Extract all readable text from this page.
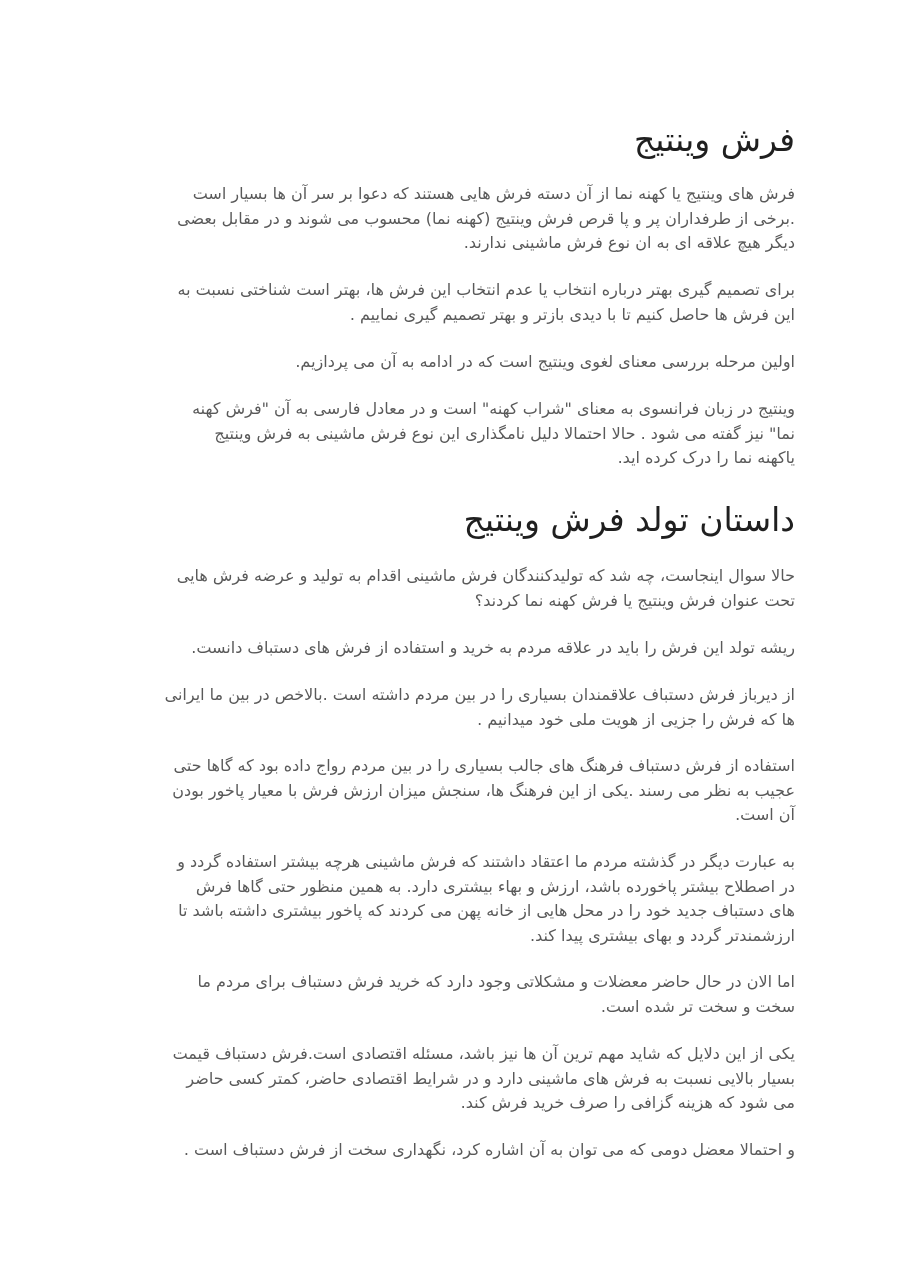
فرش وینتیج

فرش های وینتیج یا کهنه نما از آن دسته فرش هایی هستند که دعوا بر سر آن ها بسیار است
.برخی از طرفداران پر و پا قرص فرش وینتیج (کهنه نما) محسوب می شوند و در مقابل بعضی
دیگر هیچ علاقه ای به ان نوع فرش ماشینی ندارند.

برای تصمیم گیری بهتر درباره انتخاب یا عدم انتخاب این فرش ها، بهتر است شناختی نسبت به
این فرش ها حاصل کنیم تا با دیدی بازتر و بهتر تصمیم گیری نماییم .

اولین مرحله بررسی معنای لغوی وینتیج است که در ادامه به آن می پردازیم.

وینتیج در زبان فرانسوی به معنای "شراب کهنه" است و در معادل فارسی به آن "فرش کهنه
نما" نیز گفته می شود . حالا احتمالا دلیل نامگذاری این نوع فرش ماشینی به فرش وینتیج
یاکهنه نما را درک کرده اید.

داستان تولد فرش وینتیج

حالا سوال اینجاست، چه شد که تولیدکنندگان فرش ماشینی اقدام به تولید و عرضه فرش هایی
تحت عنوان فرش وینتیج یا فرش کهنه نما کردند؟

ریشه تولد این فرش را باید در علاقه مردم به خرید و استفاده از فرش های دستباف دانست.

از دیرباز فرش دستباف علاقمندان بسیاری را در بین مردم داشته است .بالاخص در بین ما ایرانی
ها که فرش را جزیی از هویت ملی خود میدانیم .

استفاده از فرش دستباف فرهنگ های جالب بسیاری را در بین مردم رواج داده بود که گاها حتی
عجیب به نظر می رسند .یکی از این فرهنگ ها، سنجش میزان ارزش فرش با معیار پاخور بودن
آن است.

به عبارت دیگر در گذشته مردم ما اعتقاد داشتند که فرش ماشینی هرچه بیشتر استفاده گردد و
در اصطلاح بیشتر پاخورده باشد، ارزش و بهاء بیشتری دارد. به همین منظور حتی گاها فرش
های دستباف جدید خود را در محل هایی از خانه پهن می کردند که پاخور بیشتری داشته باشد تا
ارزشمندتر گردد و بهای بیشتری پیدا کند.

اما الان در حال حاضر معضلات و مشکلاتی وجود دارد که خرید فرش دستباف برای مردم ما
سخت و سخت تر شده است.

یکی از این دلایل که شاید مهم ترین آن ها نیز باشد، مسئله اقتصادی است.فرش دستباف قیمت
بسیار بالایی نسبت به فرش های ماشینی دارد و در شرایط اقتصادی حاضر، کمتر کسی حاضر
می شود که هزینه گزافی را صرف خرید فرش کند.

و احتمالا معضل دومی که می توان به آن اشاره کرد، نگهداری سخت از فرش دستباف است .
